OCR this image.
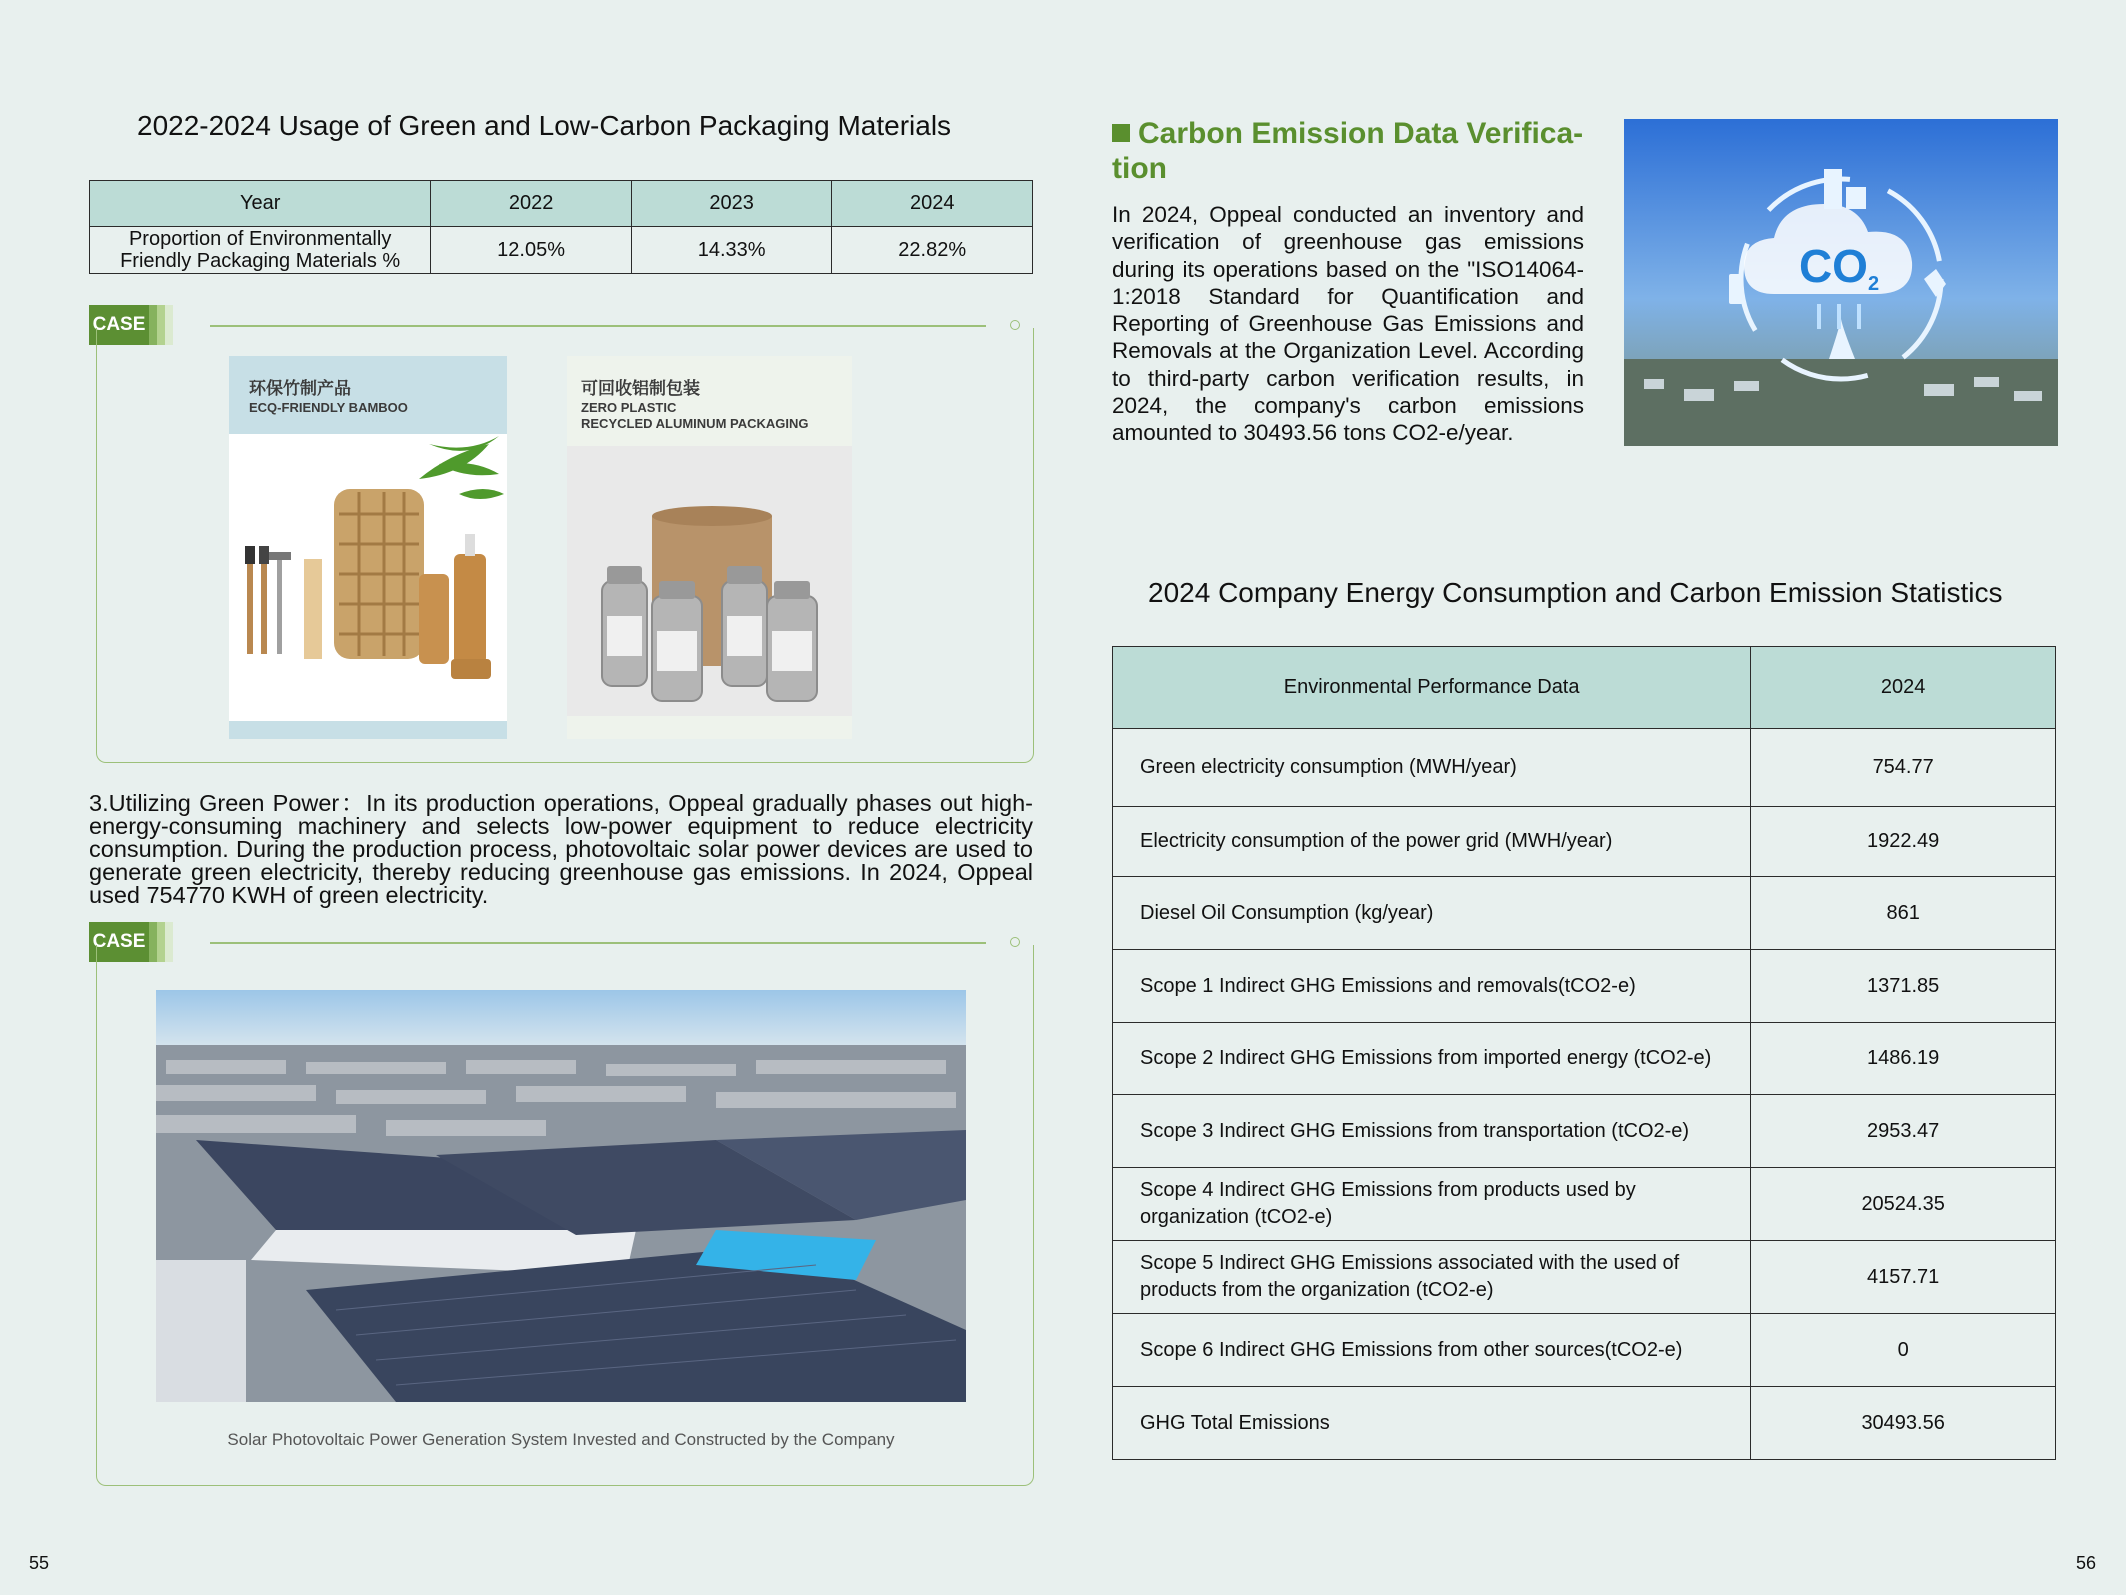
2022-2024 Usage of Green and Low-Carbon Packaging Materials
Year	2022	2023	2024
Proportion of Environmentally
Friendly Packaging Materials %	12.05%	14.33%	22.82%
CASE
环保竹制产品
ECQ-FRIENDLY BAMBOO
可回收铝制包装
ZERO PLASTIC
RECYCLED ALUMINUM PACKAGING
3.Utilizing Green Power：In its production operations, Oppeal gradually phases out high-energy-consuming machinery and selects low-power equipment to reduce electricity consumption. During the production process, photovoltaic solar power devices are used to generate green electricity, thereby reducing greenhouse gas emissions. In 2024, Oppeal used 754770 KWH of green electricity.
CASE
Solar Photovoltaic Power Generation System Invested and Constructed by the Company
55
Carbon Emission Data Verifica-
tion
In 2024, Oppeal conducted an inventory and verification of greenhouse gas emissions during its operations based on the "ISO14064-1:2018 Standard for Quantification and Reporting of Greenhouse Gas Emissions and Removals at the Organization Level. According to third-party carbon verification results, in 2024, the company's carbon emissions amounted to 30493.56 tons CO2-e/year.
CO2
2024 Company Energy Consumption and Carbon Emission Statistics
Environmental Performance Data	2024
Green electricity consumption (MWH/year)	754.77
Electricity consumption of the power grid (MWH/year)	1922.49
Diesel Oil Consumption (kg/year)	861
Scope 1 Indirect GHG Emissions and removals(tCO2-e)	1371.85
Scope 2 Indirect GHG Emissions from imported energy (tCO2-e)	1486.19
Scope 3 Indirect GHG Emissions from transportation (tCO2-e)	2953.47
Scope 4 Indirect GHG Emissions from products used by organization (tCO2-e)	20524.35
Scope 5 Indirect GHG Emissions associated with the used of products from the organization (tCO2-e)	4157.71
Scope 6 Indirect GHG Emissions from other sources(tCO2-e)	0
GHG Total Emissions	30493.56
56
